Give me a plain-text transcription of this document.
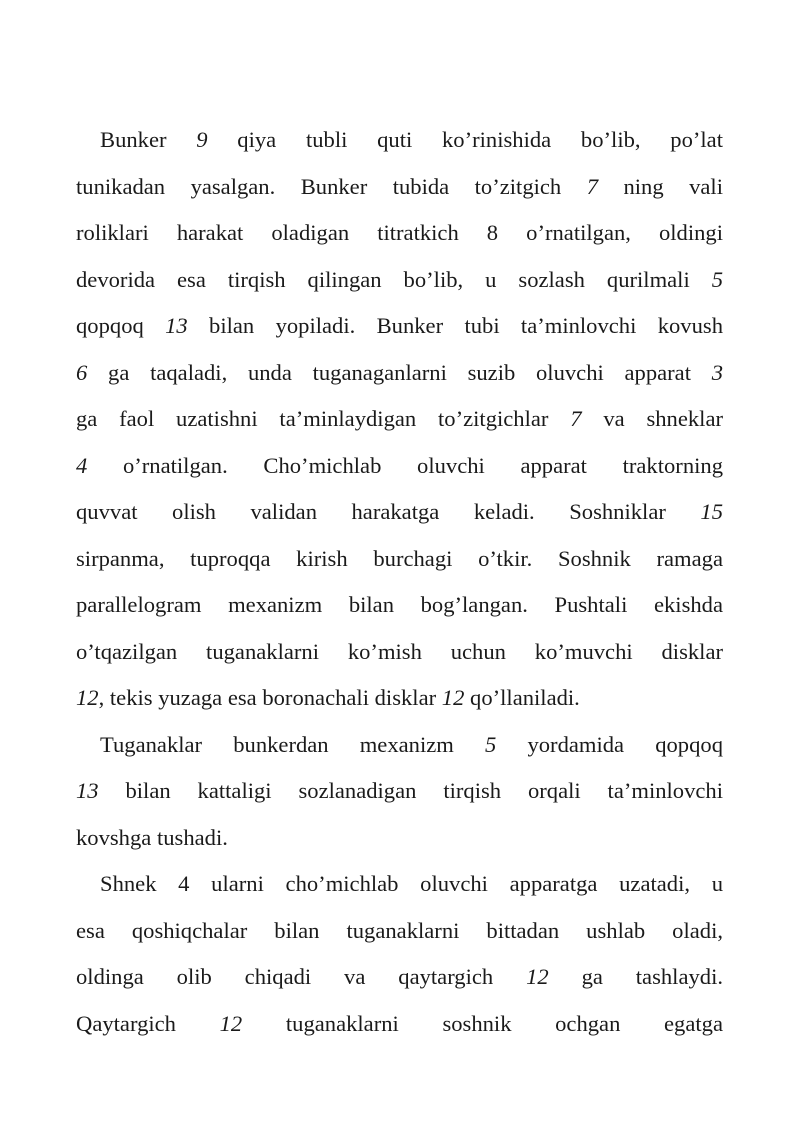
Bunker 9 qiya tubli quti ko’rinishida bo’lib, po’lat
tunikadan yasalgan. Bunker tubida to’zitgich 7 ning vali
roliklari harakat oladigan titratkich 8 o’rnatilgan, oldingi
devorida esa tirqish qilingan bo’lib, u sozlash qurilmali 5
qopqoq 13 bilan yopiladi. Bunker tubi ta’minlovchi kovush
6 ga taqaladi, unda tuganaganlarni suzib oluvchi apparat 3
ga faol uzatishni ta’minlaydigan to’zitgichlar 7 va shneklar
4 o’rnatilgan. Cho’michlab oluvchi apparat traktorning
quvvat olish validan harakatga keladi. Soshniklar 15
sirpanma, tuproqqa kirish burchagi o’tkir. Soshnik ramaga
parallelogram mexanizm bilan bog’langan. Pushtali ekishda
o’tqazilgan tuganaklarni ko’mish uchun ko’muvchi disklar
12, tekis yuzaga esa boronachali disklar 12 qo’llaniladi.
Tuganaklar bunkerdan mexanizm 5 yordamida qopqoq
13 bilan kattaligi sozlanadigan tirqish orqali ta’minlovchi
kovshga tushadi.
Shnek 4 ularni cho’michlab oluvchi apparatga uzatadi, u
esa qoshiqchalar bilan tuganaklarni bittadan ushlab oladi,
oldinga olib chiqadi va qaytargich 12 ga tashlaydi.
Qaytargich 12 tuganaklarni soshnik ochgan egatga
